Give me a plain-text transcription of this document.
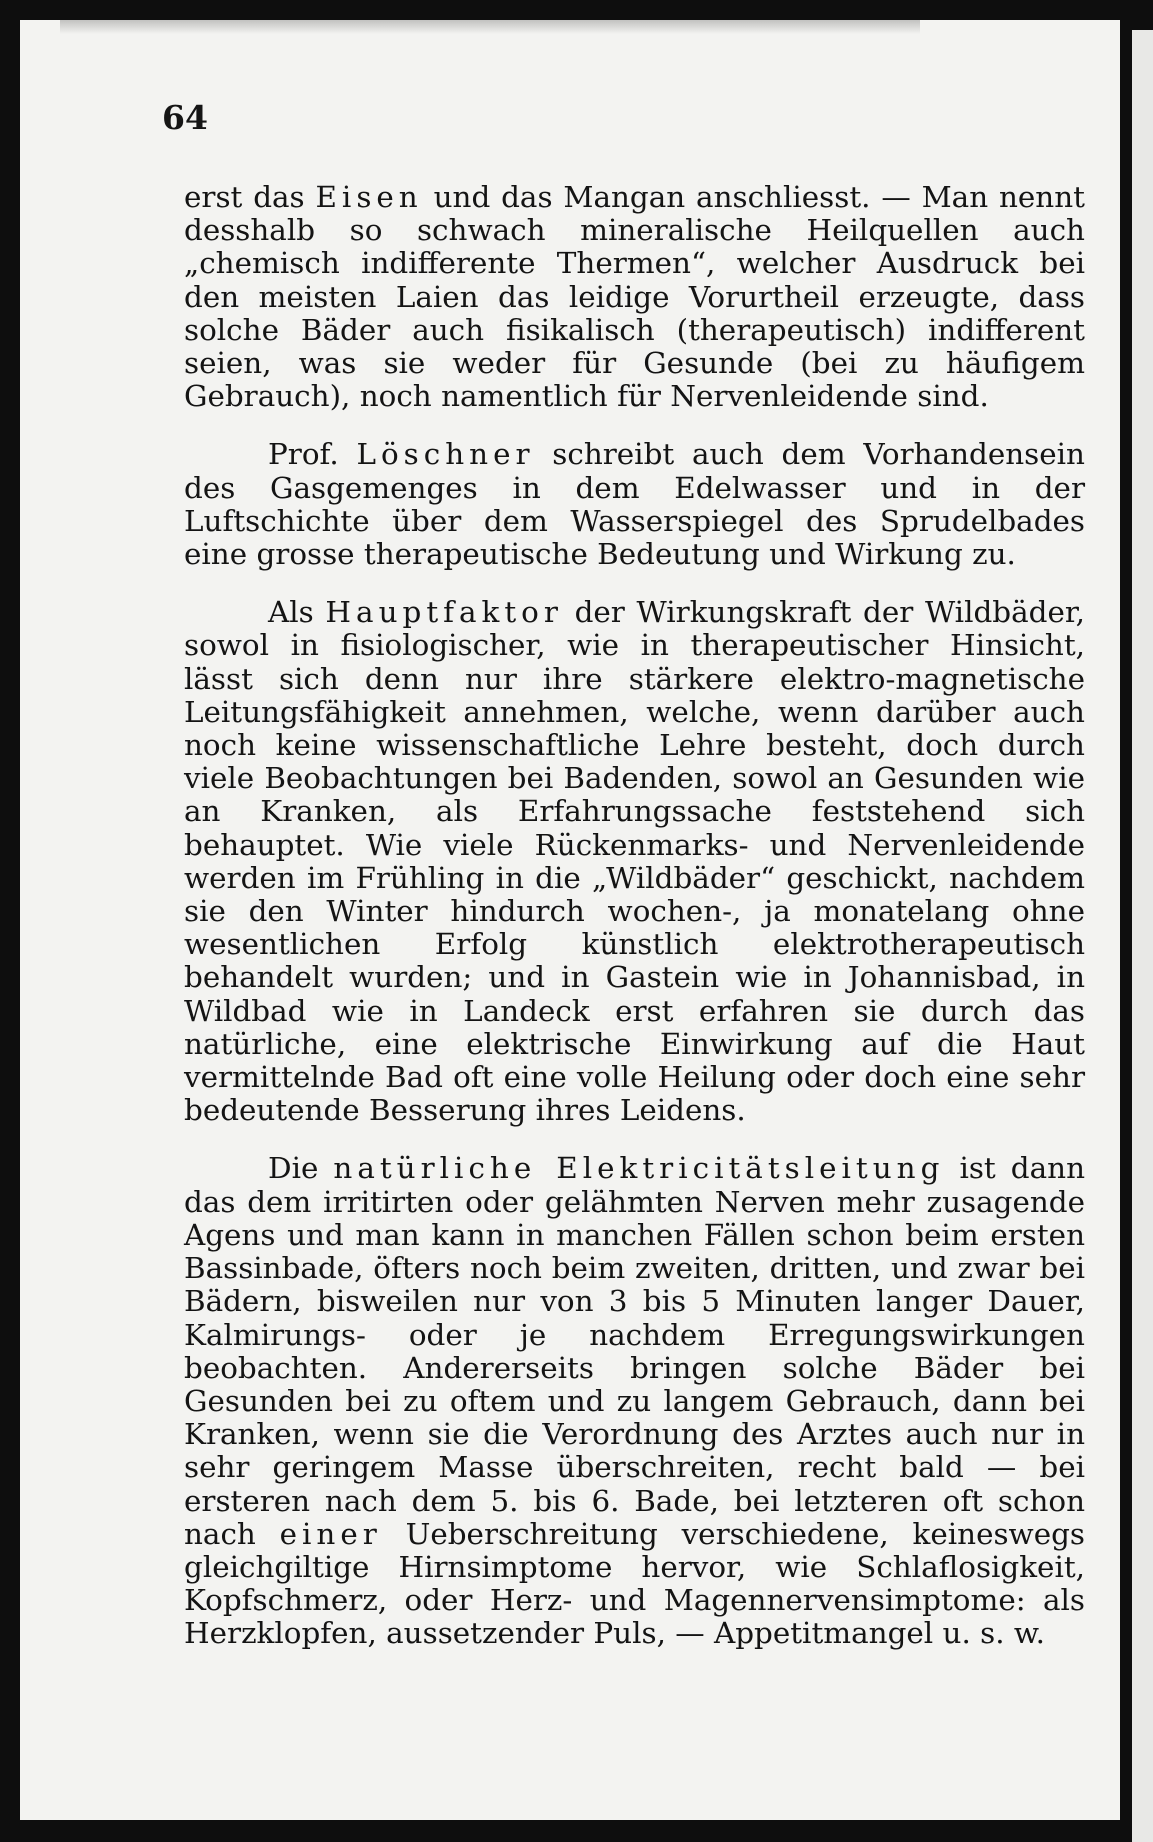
64

erst das Eisen und das Mangan anschliesst. — Man nennt desshalb so schwach mineralische Heilquellen auch „chemisch indifferente Thermen“, welcher Ausdruck bei den meisten Laien das leidige Vorurtheil erzeugte, dass solche Bäder auch fisikalisch (therapeutisch) indifferent seien, was sie weder für Gesunde (bei zu häufigem Gebrauch), noch namentlich für Nervenleidende sind.

Prof. Löschner schreibt auch dem Vorhandensein des Gasgemenges in dem Edelwasser und in der Luftschichte über dem Wasserspiegel des Sprudelbades eine grosse therapeutische Bedeutung und Wirkung zu.

Als Hauptfaktor der Wirkungskraft der Wildbäder, sowol in fisiologischer, wie in therapeutischer Hinsicht, lässt sich denn nur ihre stärkere elektro-magnetische Leitungsfähigkeit annehmen, welche, wenn darüber auch noch keine wissenschaftliche Lehre besteht, doch durch viele Beobachtungen bei Badenden, sowol an Gesunden wie an Kranken, als Erfahrungssache feststehend sich behauptet. Wie viele Rückenmarks- und Nervenleidende werden im Frühling in die „Wildbäder“ geschickt, nachdem sie den Winter hindurch wochen-, ja monatelang ohne wesentlichen Erfolg künstlich elektrotherapeutisch behandelt wurden; und in Gastein wie in Johannisbad, in Wildbad wie in Landeck erst erfahren sie durch das natürliche, eine elektrische Einwirkung auf die Haut vermittelnde Bad oft eine volle Heilung oder doch eine sehr bedeutende Besserung ihres Leidens.

Die natürliche Elektricitätsleitung ist dann das dem irritirten oder gelähmten Nerven mehr zusagende Agens und man kann in manchen Fällen schon beim ersten Bassinbade, öfters noch beim zweiten, dritten, und zwar bei Bädern, bisweilen nur von 3 bis 5 Minuten langer Dauer, Kalmirungs- oder je nachdem Erregungswirkungen beobachten. Andererseits bringen solche Bäder bei Gesunden bei zu oftem und zu langem Gebrauch, dann bei Kranken, wenn sie die Verordnung des Arztes auch nur in sehr geringem Masse überschreiten, recht bald — bei ersteren nach dem 5. bis 6. Bade, bei letzteren oft schon nach einer Ueberschreitung verschiedene, keineswegs gleichgiltige Hirnsimptome hervor, wie Schlaflosigkeit, Kopfschmerz, oder Herz- und Magennervensimptome: als Herzklopfen, aussetzender Puls, — Appetitmangel u. s. w.
